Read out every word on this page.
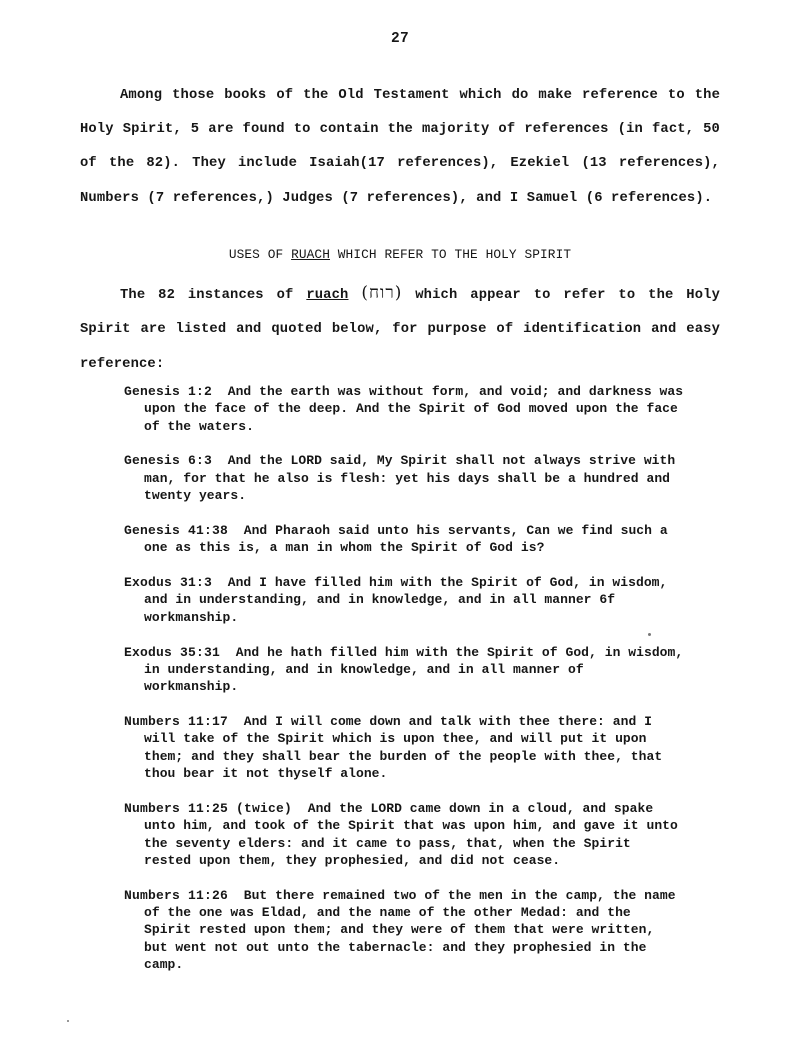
27

Among those books of the Old Testament which do make reference to the Holy Spirit, 5 are found to contain the majority of references (in fact, 50 of the 82). They include Isaiah(17 references), Ezekiel (13 references), Numbers (7 references,) Judges (7 references), and I Samuel (6 references).

USES OF RUACH WHICH REFER TO THE HOLY SPIRIT

The 82 instances of ruach (רוח) which appear to refer to the Holy Spirit are listed and quoted below, for purpose of identification and easy reference:

Genesis 1:2 And the earth was without form, and void; and darkness was upon the face of the deep. And the Spirit of God moved upon the face of the waters.

Genesis 6:3 And the LORD said, My Spirit shall not always strive with man, for that he also is flesh: yet his days shall be a hundred and twenty years.

Genesis 41:38 And Pharaoh said unto his servants, Can we find such a one as this is, a man in whom the Spirit of God is?

Exodus 31:3 And I have filled him with the Spirit of God, in wisdom, and in understanding, and in knowledge, and in all manner 6f workmanship.

Exodus 35:31 And he hath filled him with the Spirit of God, in wisdom, in understanding, and in knowledge, and in all manner of workmanship.

Numbers 11:17 And I will come down and talk with thee there: and I will take of the Spirit which is upon thee, and will put it upon them; and they shall bear the burden of the people with thee, that thou bear it not thyself alone.

Numbers 11:25 (twice) And the LORD came down in a cloud, and spake unto him, and took of the Spirit that was upon him, and gave it unto the seventy elders: and it came to pass, that, when the Spirit rested upon them, they prophesied, and did not cease.

Numbers 11:26 But there remained two of the men in the camp, the name of the one was Eldad, and the name of the other Medad: and the Spirit rested upon them; and they were of them that were written, but went not out unto the tabernacle: and they prophesied in the camp.
